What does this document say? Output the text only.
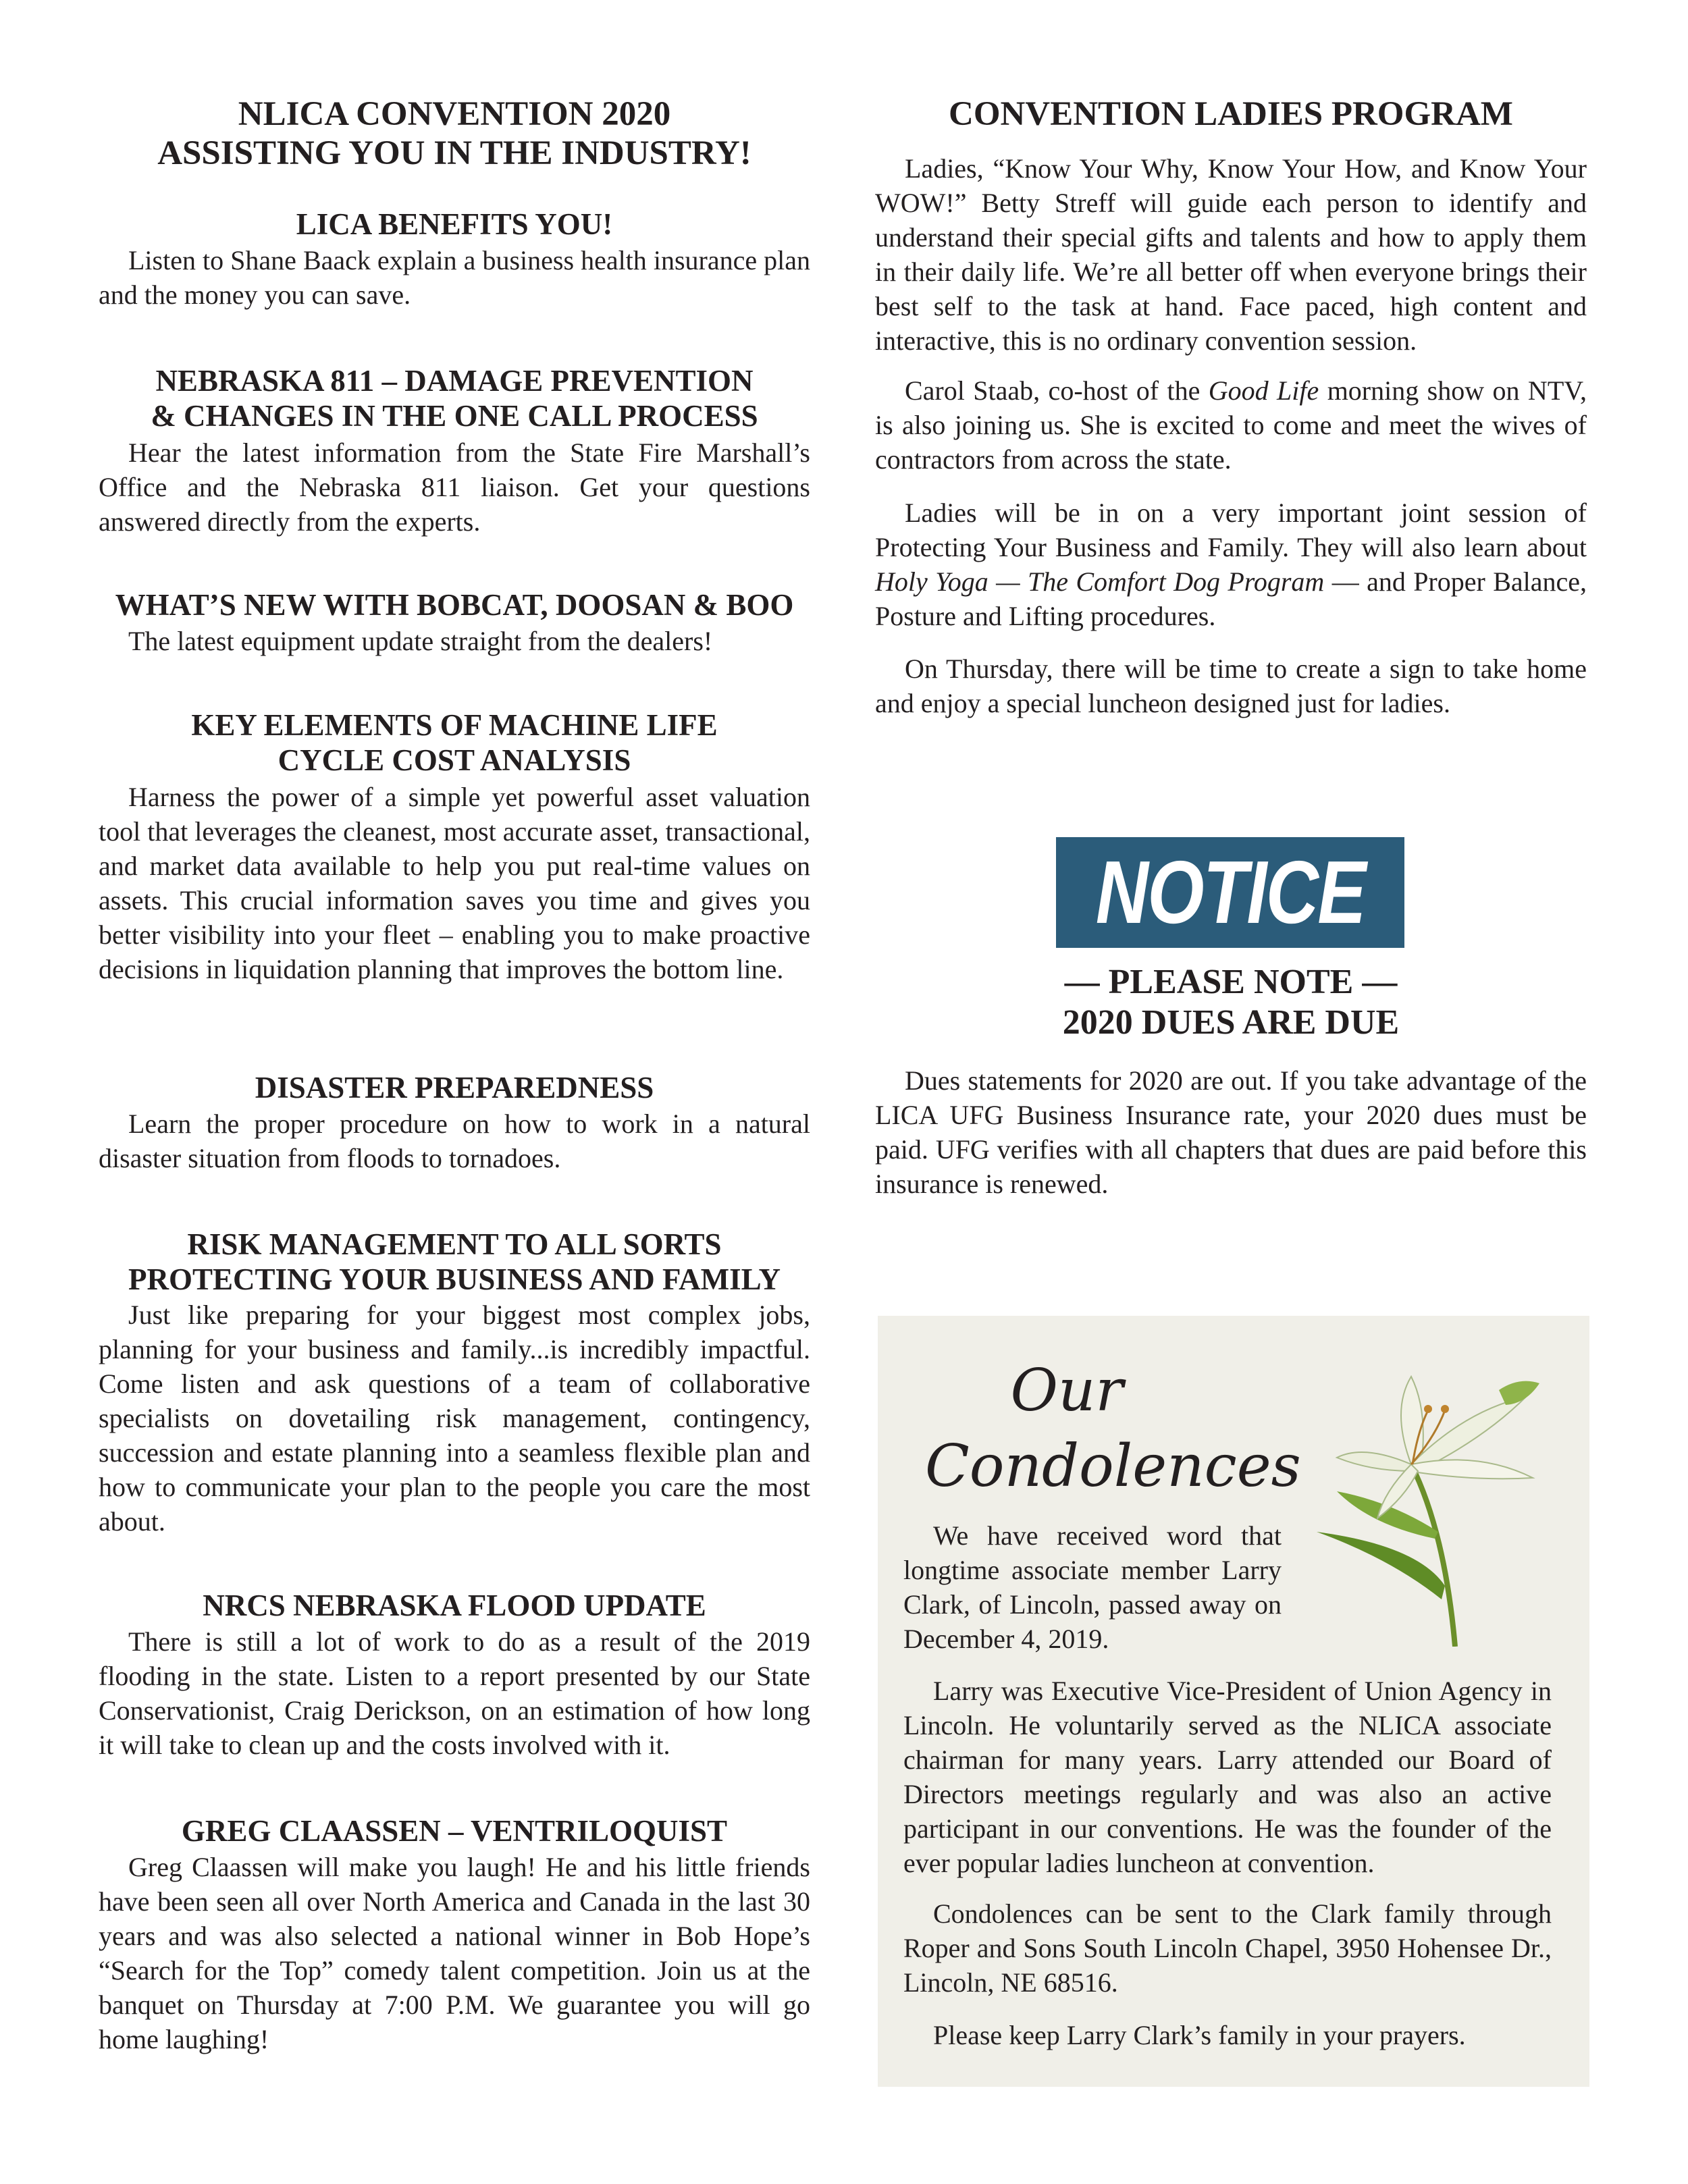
NLICA CONVENTION 2020
ASSISTING YOU IN THE INDUSTRY!
LICA BENEFITS YOU!

Listen to Shane Baack explain a business health insurance plan and the money you can save.

NEBRASKA 811 – DAMAGE PREVENTION
& CHANGES IN THE ONE CALL PROCESS

Hear the latest information from the State Fire Marshall’s Office and the Nebraska 811 liaison. Get your questions answered directly from the experts.

WHAT’S NEW WITH BOBCAT, DOOSAN & BOO

The latest equipment update straight from the dealers!

KEY ELEMENTS OF MACHINE LIFE
CYCLE COST ANALYSIS

Harness the power of a simple yet powerful asset valuation tool that leverages the cleanest, most accurate asset, transactional, and market data available to help you put real-time values on assets. This crucial information saves you time and gives you better visibility into your fleet – enabling you to make proactive decisions in liquidation planning that improves the bottom line.

DISASTER PREPAREDNESS

Learn the proper procedure on how to work in a natural disaster situation from floods to tornadoes.

RISK MANAGEMENT TO ALL SORTS
PROTECTING YOUR BUSINESS AND FAMILY

Just like preparing for your biggest most complex jobs, planning for your business and family...is incredibly impactful. Come listen and ask questions of a team of collaborative specialists on dovetailing risk management, contingency, succession and estate planning into a seamless flexible plan and how to communicate your plan to the people you care the most about.

NRCS NEBRASKA FLOOD UPDATE

There is still a lot of work to do as a result of the 2019 flooding in the state. Listen to a report presented by our State Conservationist, Craig Derickson, on an estimation of how long it will take to clean up and the costs involved with it.

GREG CLAASSEN – VENTRILOQUIST

Greg Claassen will make you laugh! He and his little friends have been seen all over North America and Canada in the last 30 years and was also selected a national winner in Bob Hope’s “Search for the Top” comedy talent competition. Join us at the banquet on Thursday at 7:00 P.M. We guarantee you will go home laughing!

CONVENTION LADIES PROGRAM

Ladies, “Know Your Why, Know Your How, and Know Your WOW!” Betty Streff will guide each person to identify and understand their special gifts and talents and how to apply them in their daily life. We’re all better off when everyone brings their best self to the task at hand. Face paced, high content and interactive, this is no ordinary convention session.

Carol Staab, co-host of the Good Life morning show on NTV, is also joining us. She is excited to come and meet the wives of contractors from across the state.

Ladies will be in on a very important joint session of Protecting Your Business and Family. They will also learn about Holy Yoga — The Comfort Dog Program — and Proper Balance, Posture and Lifting procedures.

On Thursday, there will be time to create a sign to take home and enjoy a special luncheon designed just for ladies.

NOTICE
— PLEASE NOTE —
2020 DUES ARE DUE

Dues statements for 2020 are out. If you take advantage of the LICA UFG Business Insurance rate, your 2020 dues must be paid. UFG verifies with all chapters that dues are paid before this insurance is renewed.

Our
Condolences

We have received word that longtime associate member Larry Clark, of Lincoln, passed away on December 4, 2019.

Larry was Executive Vice-President of Union Agency in Lincoln. He voluntarily served as the NLICA associate chairman for many years. Larry attended our Board of Directors meetings regularly and was also an active participant in our conventions. He was the founder of the ever popular ladies luncheon at convention.

Condolences can be sent to the Clark family through Roper and Sons South Lincoln Chapel, 3950 Hohensee Dr., Lincoln, NE 68516.

Please keep Larry Clark’s family in your prayers.
